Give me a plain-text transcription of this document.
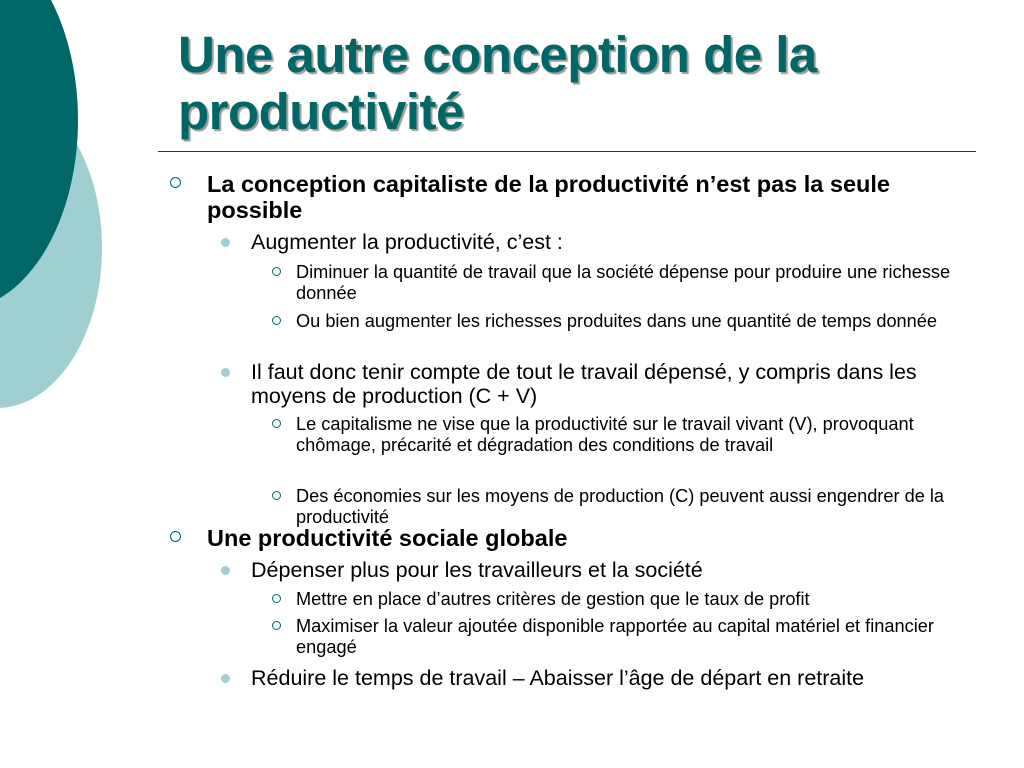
Une autre conception de la productivité
La conception capitaliste de la productivité n’est pas la seule possible
Augmenter la productivité, c’est :
Diminuer la quantité de travail que la société dépense pour produire une richesse donnée
Ou bien augmenter les richesses produites dans une quantité de temps donnée
Il faut donc tenir compte de tout le travail dépensé, y compris dans les moyens de production (C + V)
Le capitalisme ne vise que la productivité sur le travail vivant (V), provoquant chômage, précarité et dégradation des conditions de travail
Des économies sur les moyens de production (C) peuvent aussi engendrer de la productivité
Une productivité sociale globale
Dépenser plus pour les travailleurs et la société
Mettre en place d’autres critères de gestion que le taux de profit
Maximiser la valeur ajoutée disponible rapportée au capital matériel et financier engagé
Réduire le temps de travail – Abaisser l’âge de départ en retraite
